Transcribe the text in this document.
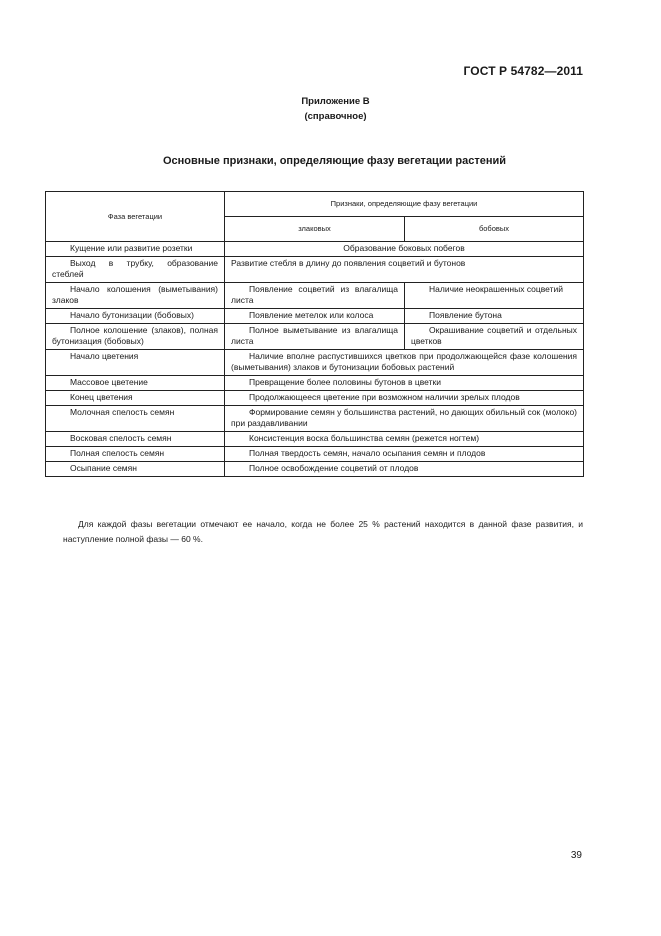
ГОСТ Р 54782—2011
Приложение В
(справочное)
Основные признаки, определяющие фазу вегетации растений
Фаза вегетации	Признаки, определяющие фазу вегетации	
	злаковых	бобовых
Кущение или развитие розетки	Образование боковых побегов	
Выход в трубку, образование стеблей	Развитие стебля в длину до появления соцветий и бутонов	
Начало колошения (выметывания) злаков	Появление соцветий из влагалища листа	Наличие неокрашенных соцветий
Начало бутонизации (бобовых)	Появление метелок или колоса	Появление бутона
Полное колошение (злаков), полная бутонизация (бобовых)	Полное выметывание из влагалища листа	Окрашивание соцветий и отдельных цветков
Начало цветения	Наличие вполне распустившихся цветков при продолжающейся фазе колошения (выметывания) злаков и бутонизации бобовых растений	
Массовое цветение	Превращение более половины бутонов в цветки	
Конец цветения	Продолжающееся цветение при возможном наличии зрелых плодов	
Молочная спелость семян	Формирование семян у большинства растений, но дающих обильный сок (молоко) при раздавливании	
Восковая спелость семян	Консистенция воска большинства семян (режется ногтем)	
Полная спелость семян	Полная твердость семян, начало осыпания семян и плодов	
Осыпание семян	Полное освобождение соцветий от плодов	
Для каждой фазы вегетации отмечают ее начало, когда не более 25 % растений находится в данной фазе развития, и наступление полной фазы — 60 %.
39
